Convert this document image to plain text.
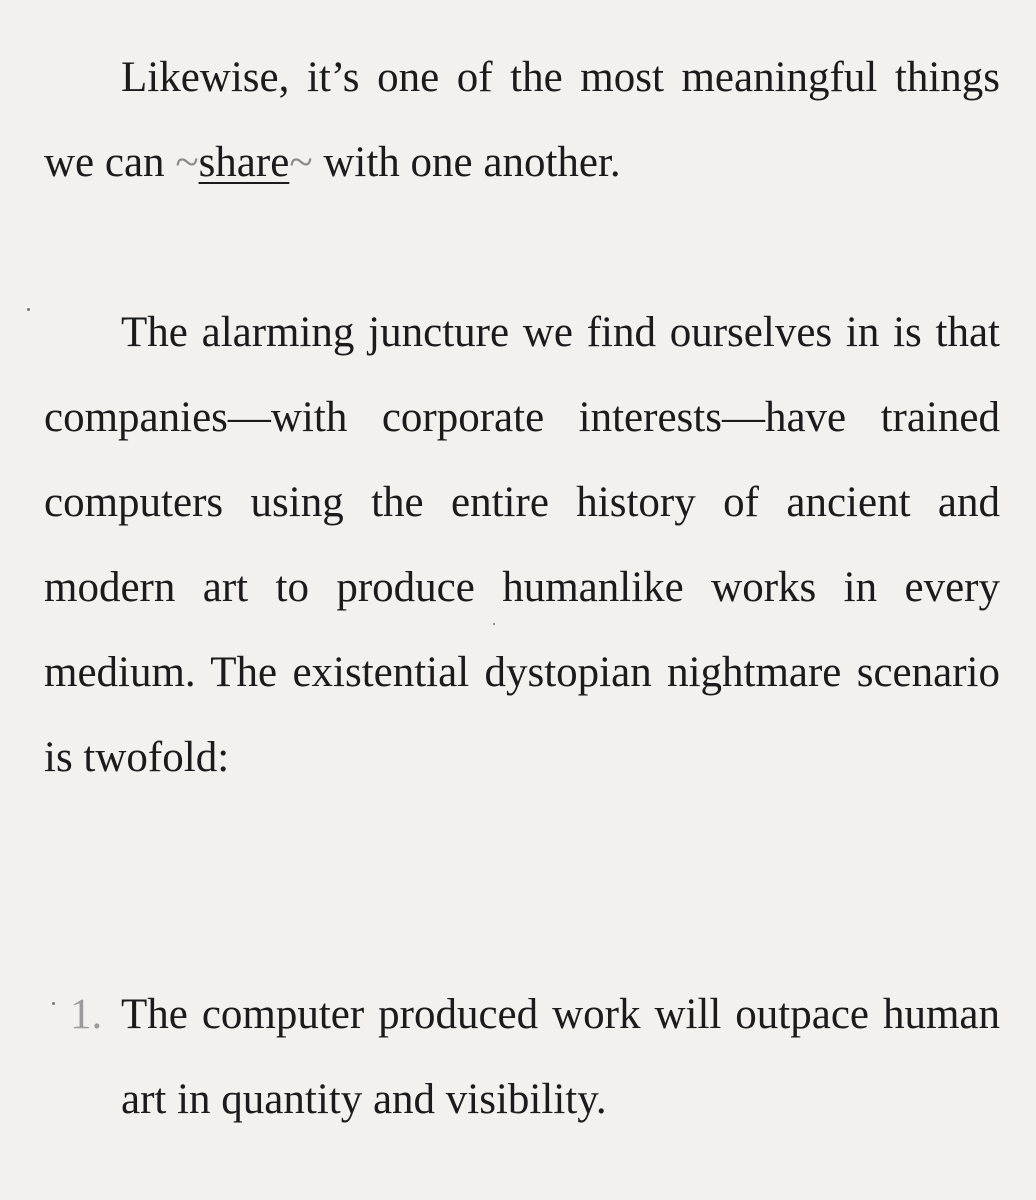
Likewise, it’s one of the most meaningful things we can ~share~ with one another.

The alarming juncture we find ourselves in is that companies—with corporate interests—have trained computers using the entire history of ancient and modern art to produce humanlike works in every medium. The existential dystopian nightmare scenario is twofold:

1. The computer produced work will outpace human art in quantity and visibility.
